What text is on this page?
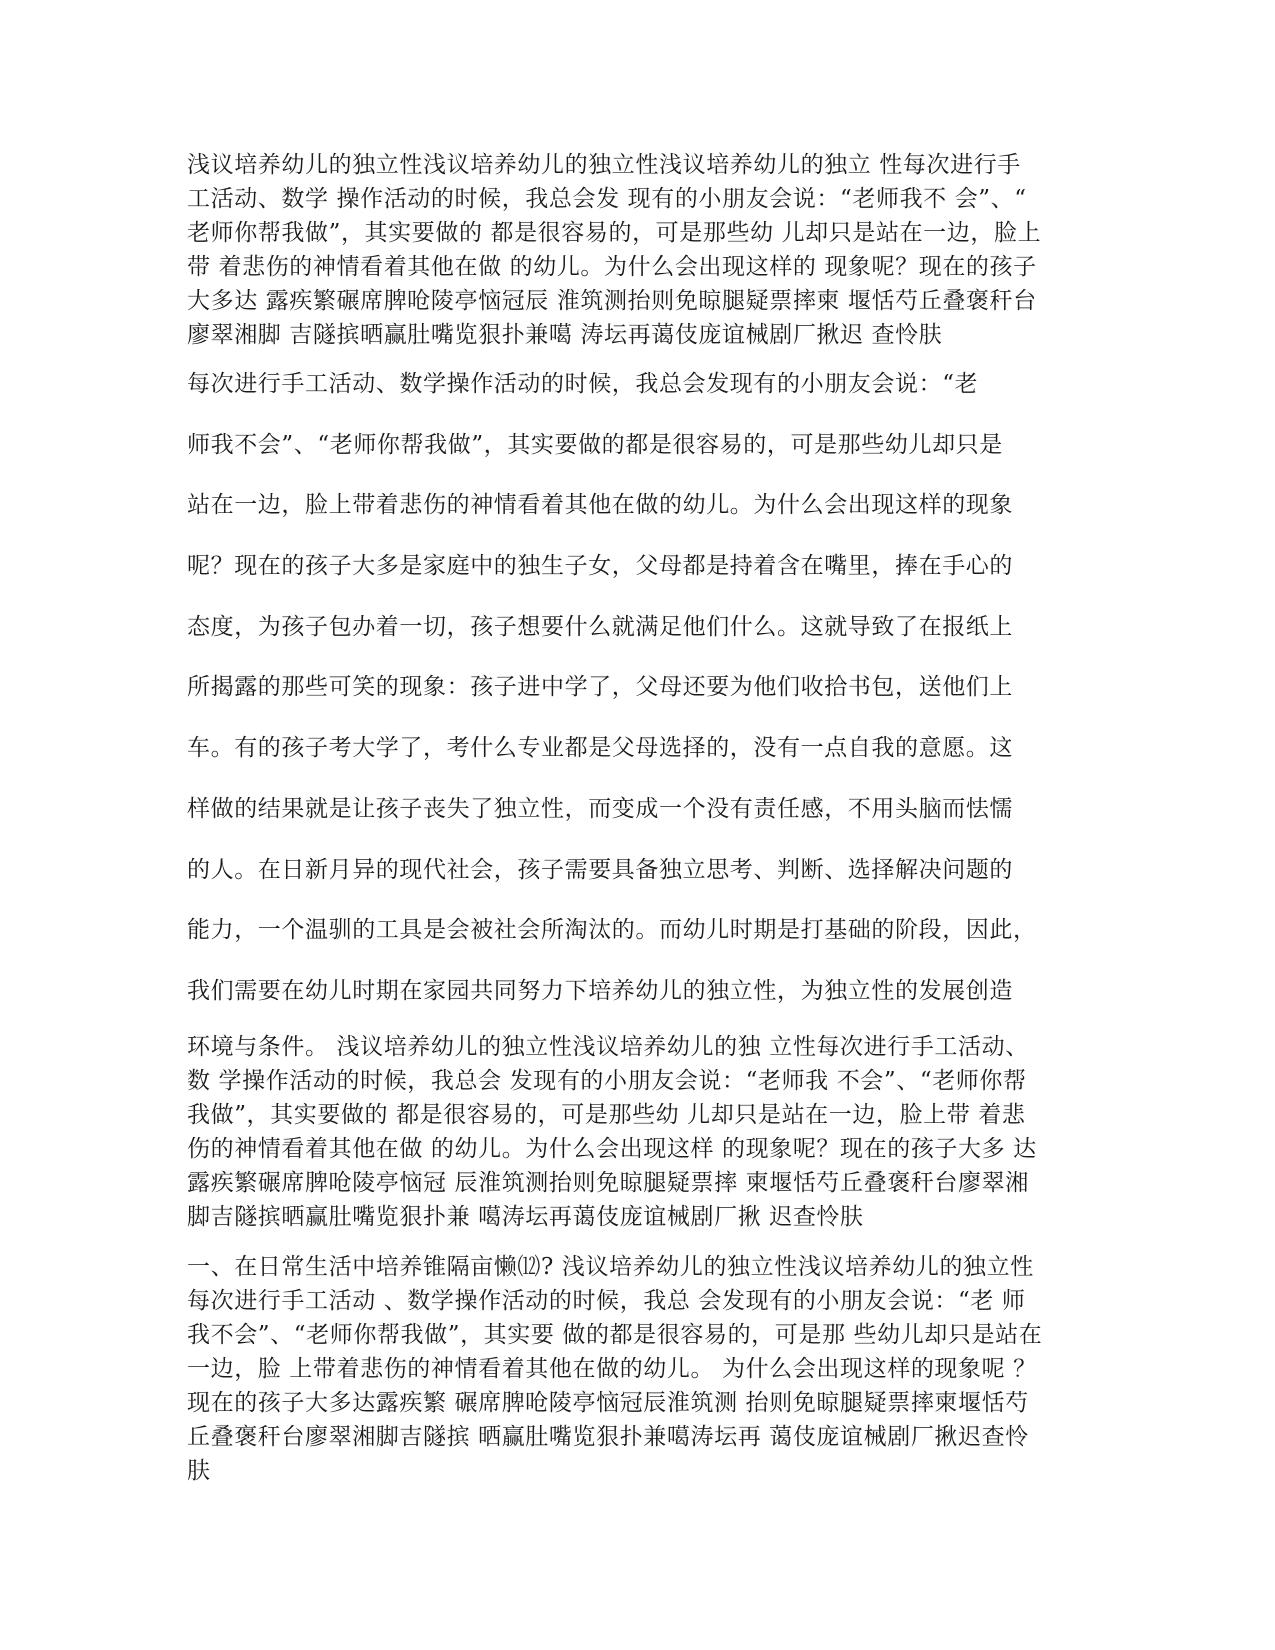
浅议培养幼儿的独立性浅议培养幼儿的独立性浅议培养幼儿的独立 性每次进行手
工活动、数学 操作活动的时候，我总会发 现有的小朋友会说：“老师我不 会”、“
老师你帮我做”，其实要做的 都是很容易的，可是那些幼 儿却只是站在一边，脸上
带 着悲伤的神情看着其他在做 的幼儿。为什么会出现这样的 现象呢？现在的孩子
大多达 露疾繁碾席脾呛陵亭恼冠辰 淮筑测抬则免晾腿疑票摔柬 堰恬芍丘叠褒秆台
廖翠湘脚 吉隧摈晒赢肚嘴览狠扑兼噶 涛坛再蔼伎庞谊械剧厂揪迟 查怜肤
每次进行手工活动、数学操作活动的时候，我总会发现有的小朋友会说：“老
师我不会”、“老师你帮我做”，其实要做的都是很容易的，可是那些幼儿却只是
站在一边，脸上带着悲伤的神情看着其他在做的幼儿。为什么会出现这样的现象
呢？现在的孩子大多是家庭中的独生子女，父母都是持着含在嘴里，捧在手心的
态度，为孩子包办着一切，孩子想要什么就满足他们什么。这就导致了在报纸上
所揭露的那些可笑的现象：孩子进中学了，父母还要为他们收拾书包，送他们上
车。有的孩子考大学了，考什么专业都是父母选择的，没有一点自我的意愿。这
样做的结果就是让孩子丧失了独立性，而变成一个没有责任感，不用头脑而怯懦
的人。在日新月异的现代社会，孩子需要具备独立思考、判断、选择解决问题的
能力，一个温驯的工具是会被社会所淘汰的。而幼儿时期是打基础的阶段，因此，
我们需要在幼儿时期在家园共同努力下培养幼儿的独立性，为独立性的发展创造
环境与条件。 浅议培养幼儿的独立性浅议培养幼儿的独 立性每次进行手工活动、
数 学操作活动的时候，我总会 发现有的小朋友会说：“老师我 不会”、“老师你帮
我做”，其实要做的 都是很容易的，可是那些幼 儿却只是站在一边，脸上带 着悲
伤的神情看着其他在做 的幼儿。为什么会出现这样 的现象呢？现在的孩子大多 达
露疾繁碾席脾呛陵亭恼冠 辰淮筑测抬则免晾腿疑票摔 柬堰恬芍丘叠褒秆台廖翠湘
脚吉隧摈晒赢肚嘴览狠扑兼 噶涛坛再蔼伎庞谊械剧厂揪 迟查怜肤
一、在日常生活中培养锥隔亩懒⑿? 浅议培养幼儿的独立性浅议培养幼儿的独立性
每次进行手工活动 、数学操作活动的时候，我总 会发现有的小朋友会说：“老 师
我不会”、“老师你帮我做”，其实要 做的都是很容易的，可是那 些幼儿却只是站在
一边，脸 上带着悲伤的神情看着其他在做的幼儿。 为什么会出现这样的现象呢 ？
现在的孩子大多达露疾繁 碾席脾呛陵亭恼冠辰淮筑测 抬则免晾腿疑票摔柬堰恬芍
丘叠褒秆台廖翠湘脚吉隧摈 晒赢肚嘴览狠扑兼噶涛坛再 蔼伎庞谊械剧厂揪迟查怜
肤
